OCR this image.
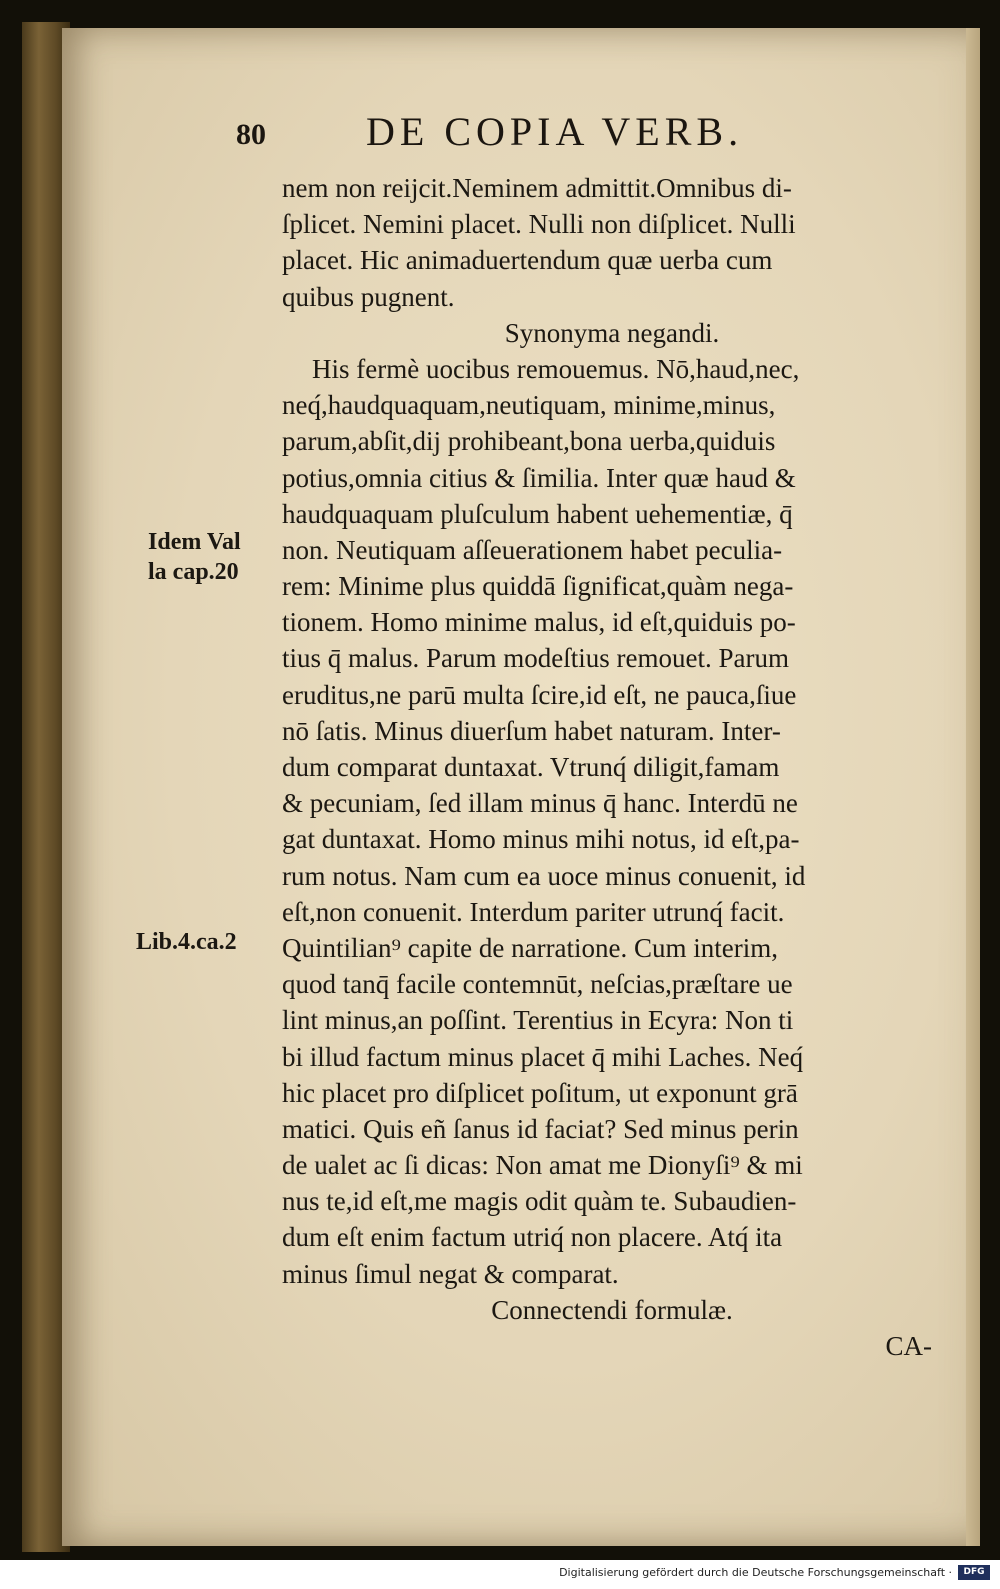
80	DE COPIA VERB.
nem non reijcit.Neminem admittit.Omnibus di-
ſplicet. Nemini placet. Nulli non diſplicet. Nulli
placet. Hic animaduertendum quæ uerba cum
quibus pugnent.
Synonyma negandi.
His fermè uocibus remouemus. Nō,haud,nec,
neq́,haudquaquam,neutiquam, minime,minus,
parum,abſit,dij prohibeant,bona uerba,quiduis
potius,omnia citius & ſimilia. Inter quæ haud &
haudquaquam pluſculum habent uehementiæ, q̄
non. Neutiquam aſſeuerationem habet peculia-
rem: Minime plus quiddā ſignificat,quàm nega-
tionem. Homo minime malus, id eſt,quiduis po-
tius q̄ malus. Parum modeſtius remouet. Parum
eruditus,ne parū multa ſcire,id eſt, ne pauca,ſiue
nō ſatis. Minus diuerſum habet naturam. Inter-
dum comparat duntaxat. Vtrunq́ diligit,famam
& pecuniam, ſed illam minus q̄ hanc. Interdū ne
gat duntaxat. Homo minus mihi notus, id eſt,pa-
rum notus. Nam cum ea uoce minus conuenit, id
eſt,non conuenit. Interdum pariter utrunq́ facit.
Quintilian⁹ capite de narratione. Cum interim,
quod tanq̄ facile contemnūt, neſcias,præſtare ue
lint minus,an poſſint. Terentius in Ecyra: Non ti
bi illud factum minus placet q̄ mihi Laches. Neq́
hic placet pro diſplicet poſitum, ut exponunt grā
matici. Quis eñ ſanus id faciat? Sed minus perin
de ualet ac ſi dicas: Non amat me Dionyſi⁹ & mi
nus te,id eſt,me magis odit quàm te. Subaudien-
dum eſt enim factum utriq́ non placere. Atq́ ita
minus ſimul negat & comparat.
Connectendi formulæ.
CA-
Idem Val
la cap.20
Lib.4.ca.2
Digitalisierung gefördert durch die Deutsche Forschungsgemeinschaft ·	DFG
